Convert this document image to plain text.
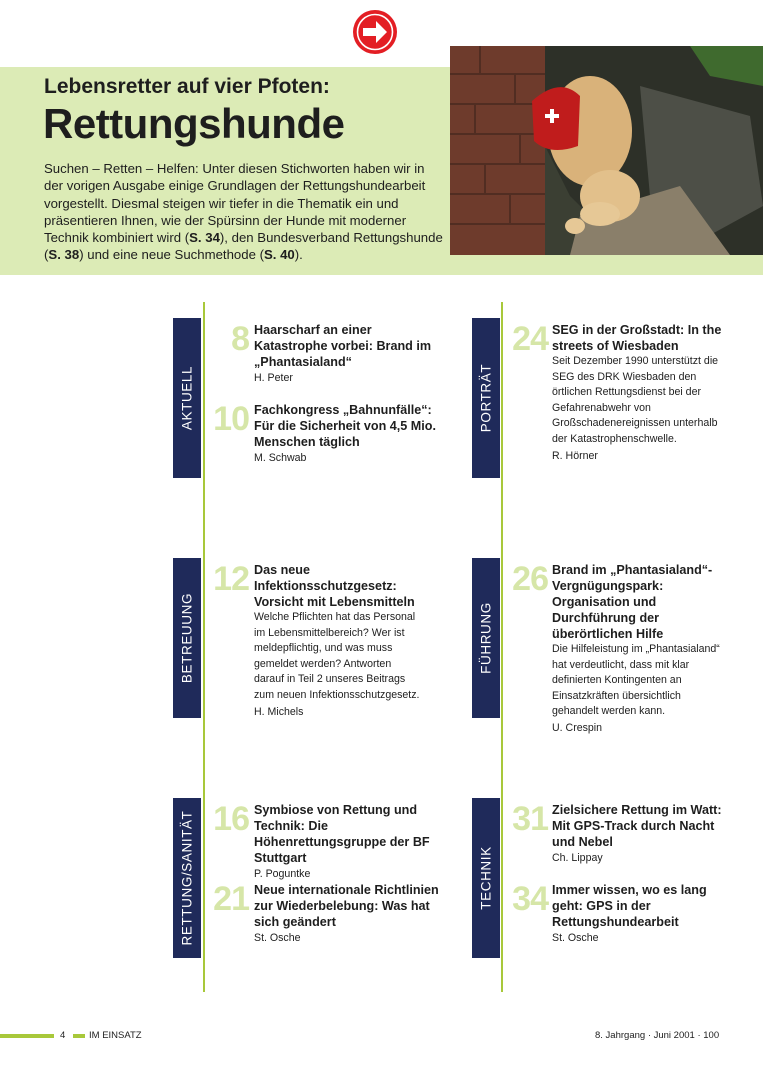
Lebensretter auf vier Pfoten:
Rettungshunde
Suchen – Retten – Helfen: Unter diesen Stichworten haben wir in der vorigen Ausgabe einige Grundlagen der Rettungshundearbeit vorgestellt. Diesmal steigen wir tiefer in die Thematik ein und präsentieren Ihnen, wie der Spürsinn der Hunde mit moderner Technik kombiniert wird (S. 34), den Bundesverband Rettungshunde (S. 38) und eine neue Suchmethode (S. 40).
AKTUELL	PORTRÄT
BETREUUNG	FÜHRUNG
RETTUNG/SANITÄT	TECHNIK
8 Haarscharf an einer Katastrophe vorbei: Brand im „Phantasialand“
H. Peter
10 Fachkongress „Bahnunfälle“: Für die Sicherheit von 4,5 Mio. Menschen täglich
M. Schwab
24 SEG in der Großstadt: In the streets of Wiesbaden
Seit Dezember 1990 unterstützt die SEG des DRK Wiesbaden den örtlichen Rettungsdienst bei der Gefahrenabwehr von Großschadenereignissen unterhalb der Katastrophenschwelle.
R. Hörner
12 Das neue Infektionsschutzgesetz: Vorsicht mit Lebensmitteln
Welche Pflichten hat das Personal im Lebensmittelbereich? Wer ist meldepflichtig, und was muss gemeldet werden? Antworten darauf in Teil 2 unseres Beitrags zum neuen Infektionsschutzgesetz.
H. Michels
26 Brand im „Phantasialand“-Vergnügungspark: Organisation und Durchführung der überörtlichen Hilfe
Die Hilfeleistung im „Phantasialand“ hat verdeutlicht, dass mit klar definierten Kontingenten an Einsatzkräften übersichtlich gehandelt werden kann.
U. Crespin
16 Symbiose von Rettung und Technik: Die Höhenrettungsgruppe der BF Stuttgart
P. Poguntke
21 Neue internationale Richtlinien zur Wiederbelebung: Was hat sich geändert
St. Osche
31 Zielsichere Rettung im Watt: Mit GPS-Track durch Nacht und Nebel
Ch. Lippay
34 Immer wissen, wo es lang geht: GPS in der Rettungshundearbeit
St. Osche
4 IM EINSATZ	8. Jahrgang · Juni 2001 · 100
